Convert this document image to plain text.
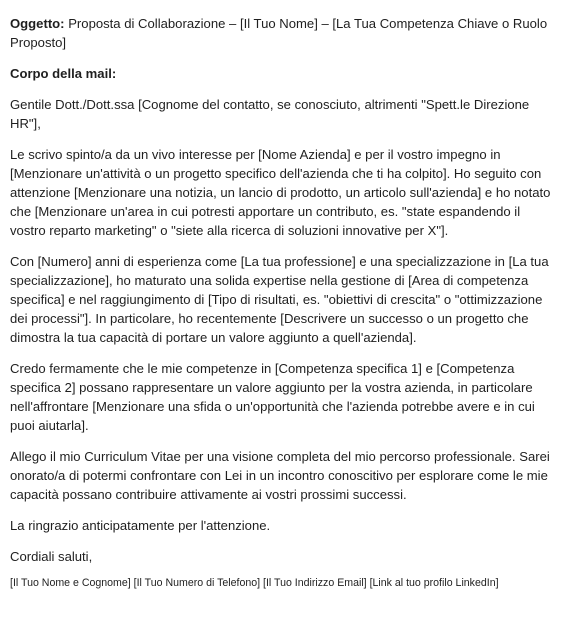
Oggetto: Proposta di Collaborazione – [Il Tuo Nome] – [La Tua Competenza Chiave o Ruolo Proposto]

Corpo della mail:

Gentile Dott./Dott.ssa [Cognome del contatto, se conosciuto, altrimenti "Spett.le Direzione HR"],

Le scrivo spinto/a da un vivo interesse per [Nome Azienda] e per il vostro impegno in [Menzionare un'attività o un progetto specifico dell'azienda che ti ha colpito]. Ho seguito con attenzione [Menzionare una notizia, un lancio di prodotto, un articolo sull'azienda] e ho notato che [Menzionare un'area in cui potresti apportare un contributo, es. "state espandendo il vostro reparto marketing" o "siete alla ricerca di soluzioni innovative per X"].

Con [Numero] anni di esperienza come [La tua professione] e una specializzazione in [La tua specializzazione], ho maturato una solida expertise nella gestione di [Area di competenza specifica] e nel raggiungimento di [Tipo di risultati, es. "obiettivi di crescita" o "ottimizzazione dei processi"]. In particolare, ho recentemente [Descrivere un successo o un progetto che dimostra la tua capacità di portare un valore aggiunto a quell'azienda].

Credo fermamente che le mie competenze in [Competenza specifica 1] e [Competenza specifica 2] possano rappresentare un valore aggiunto per la vostra azienda, in particolare nell'affrontare [Menzionare una sfida o un'opportunità che l'azienda potrebbe avere e in cui puoi aiutarla].

Allego il mio Curriculum Vitae per una visione completa del mio percorso professionale. Sarei onorato/a di potermi confrontare con Lei in un incontro conoscitivo per esplorare come le mie capacità possano contribuire attivamente ai vostri prossimi successi.

La ringrazio anticipatamente per l'attenzione.

Cordiali saluti,

[Il Tuo Nome e Cognome] [Il Tuo Numero di Telefono] [Il Tuo Indirizzo Email] [Link al tuo profilo LinkedIn]
